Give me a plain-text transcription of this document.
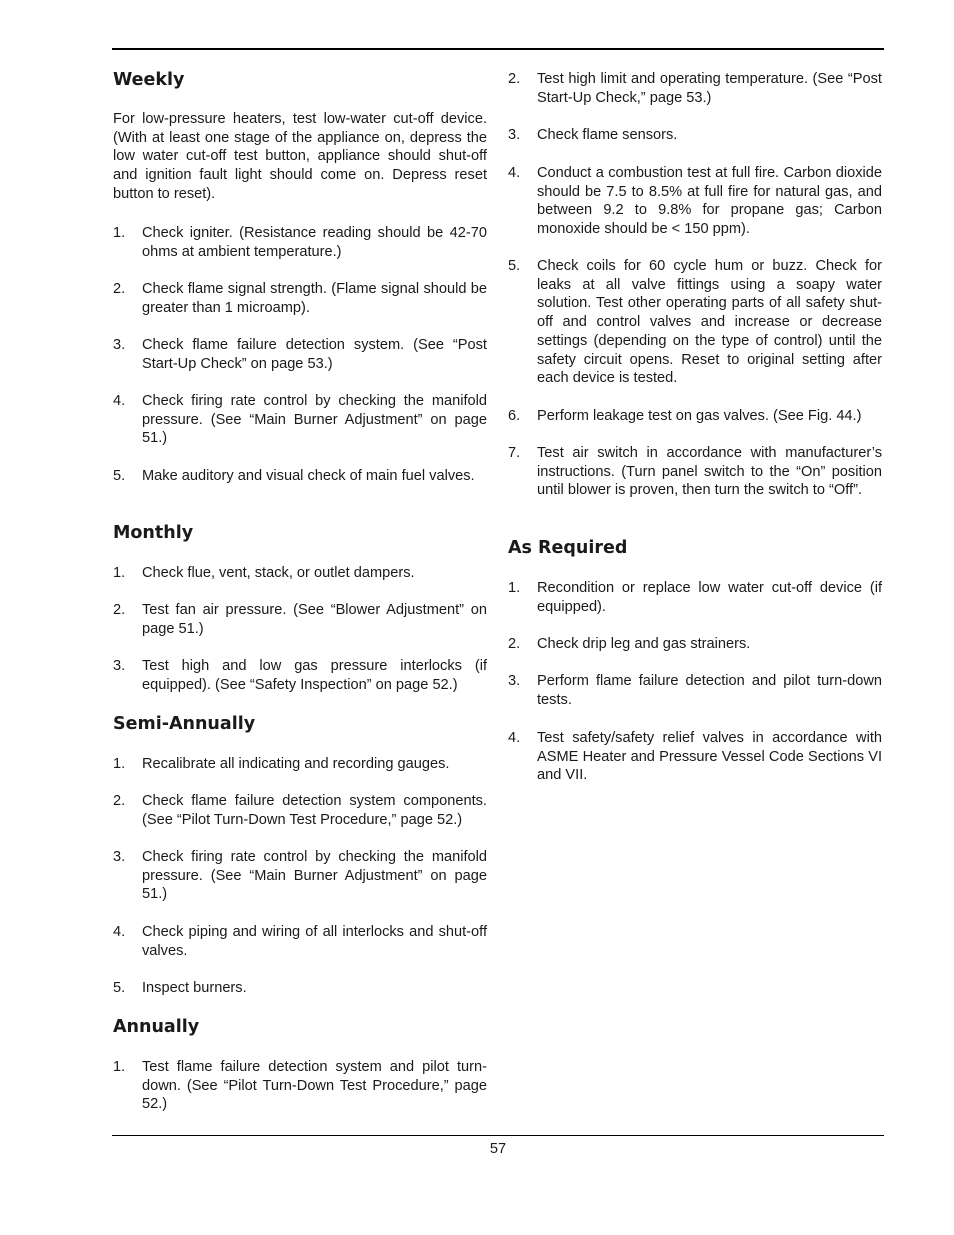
Weekly
For low-pressure heaters, test low-water cut-off device. (With at least one stage of the appliance on, depress the low water cut-off test button, appliance should shut-off and ignition fault light should come on. Depress reset button to reset).
1. Check igniter. (Resistance reading should be 42-70 ohms at ambient temperature.)
2. Check flame signal strength. (Flame signal should be greater than 1 microamp).
3. Check flame failure detection system. (See “Post Start-Up Check” on page 53.)
4. Check firing rate control by checking the manifold pressure. (See “Main Burner Adjustment” on page 51.)
5. Make auditory and visual check of main fuel valves.
Monthly
1. Check flue, vent, stack, or outlet dampers.
2. Test fan air pressure. (See “Blower Adjustment” on page 51.)
3. Test high and low gas pressure interlocks (if equipped). (See “Safety Inspection” on page 52.)
Semi-Annually
1. Recalibrate all indicating and recording gauges.
2. Check flame failure detection system components. (See “Pilot Turn-Down Test Procedure,” page 52.)
3. Check firing rate control by checking the manifold pressure. (See “Main Burner Adjustment” on page 51.)
4. Check piping and wiring of all interlocks and shut-off valves.
5. Inspect burners.
Annually
1. Test flame failure detection system and pilot turn-down. (See “Pilot Turn-Down Test Procedure,” page 52.)
2. Test high limit and operating temperature. (See “Post Start-Up Check,” page 53.)
3. Check flame sensors.
4. Conduct a combustion test at full fire. Carbon dioxide should be 7.5 to 8.5% at full fire for natural gas, and between 9.2 to 9.8% for propane gas; Carbon monoxide should be < 150 ppm).
5. Check coils for 60 cycle hum or buzz. Check for leaks at all valve fittings using a soapy water solution. Test other operating parts of all safety shut-off and control valves and increase or decrease settings (depending on the type of control) until the safety circuit opens. Reset to original setting after each device is tested.
6. Perform leakage test on gas valves. (See Fig. 44.)
7. Test air switch in accordance with manufacturer’s instructions. (Turn panel switch to the “On” position until blower is proven, then turn the switch to “Off”.
As Required
1. Recondition or replace low water cut-off device (if equipped).
2. Check drip leg and gas strainers.
3. Perform flame failure detection and pilot turn-down tests.
4. Test safety/safety relief valves in accordance with ASME Heater and Pressure Vessel Code Sections VI and VII.
57
